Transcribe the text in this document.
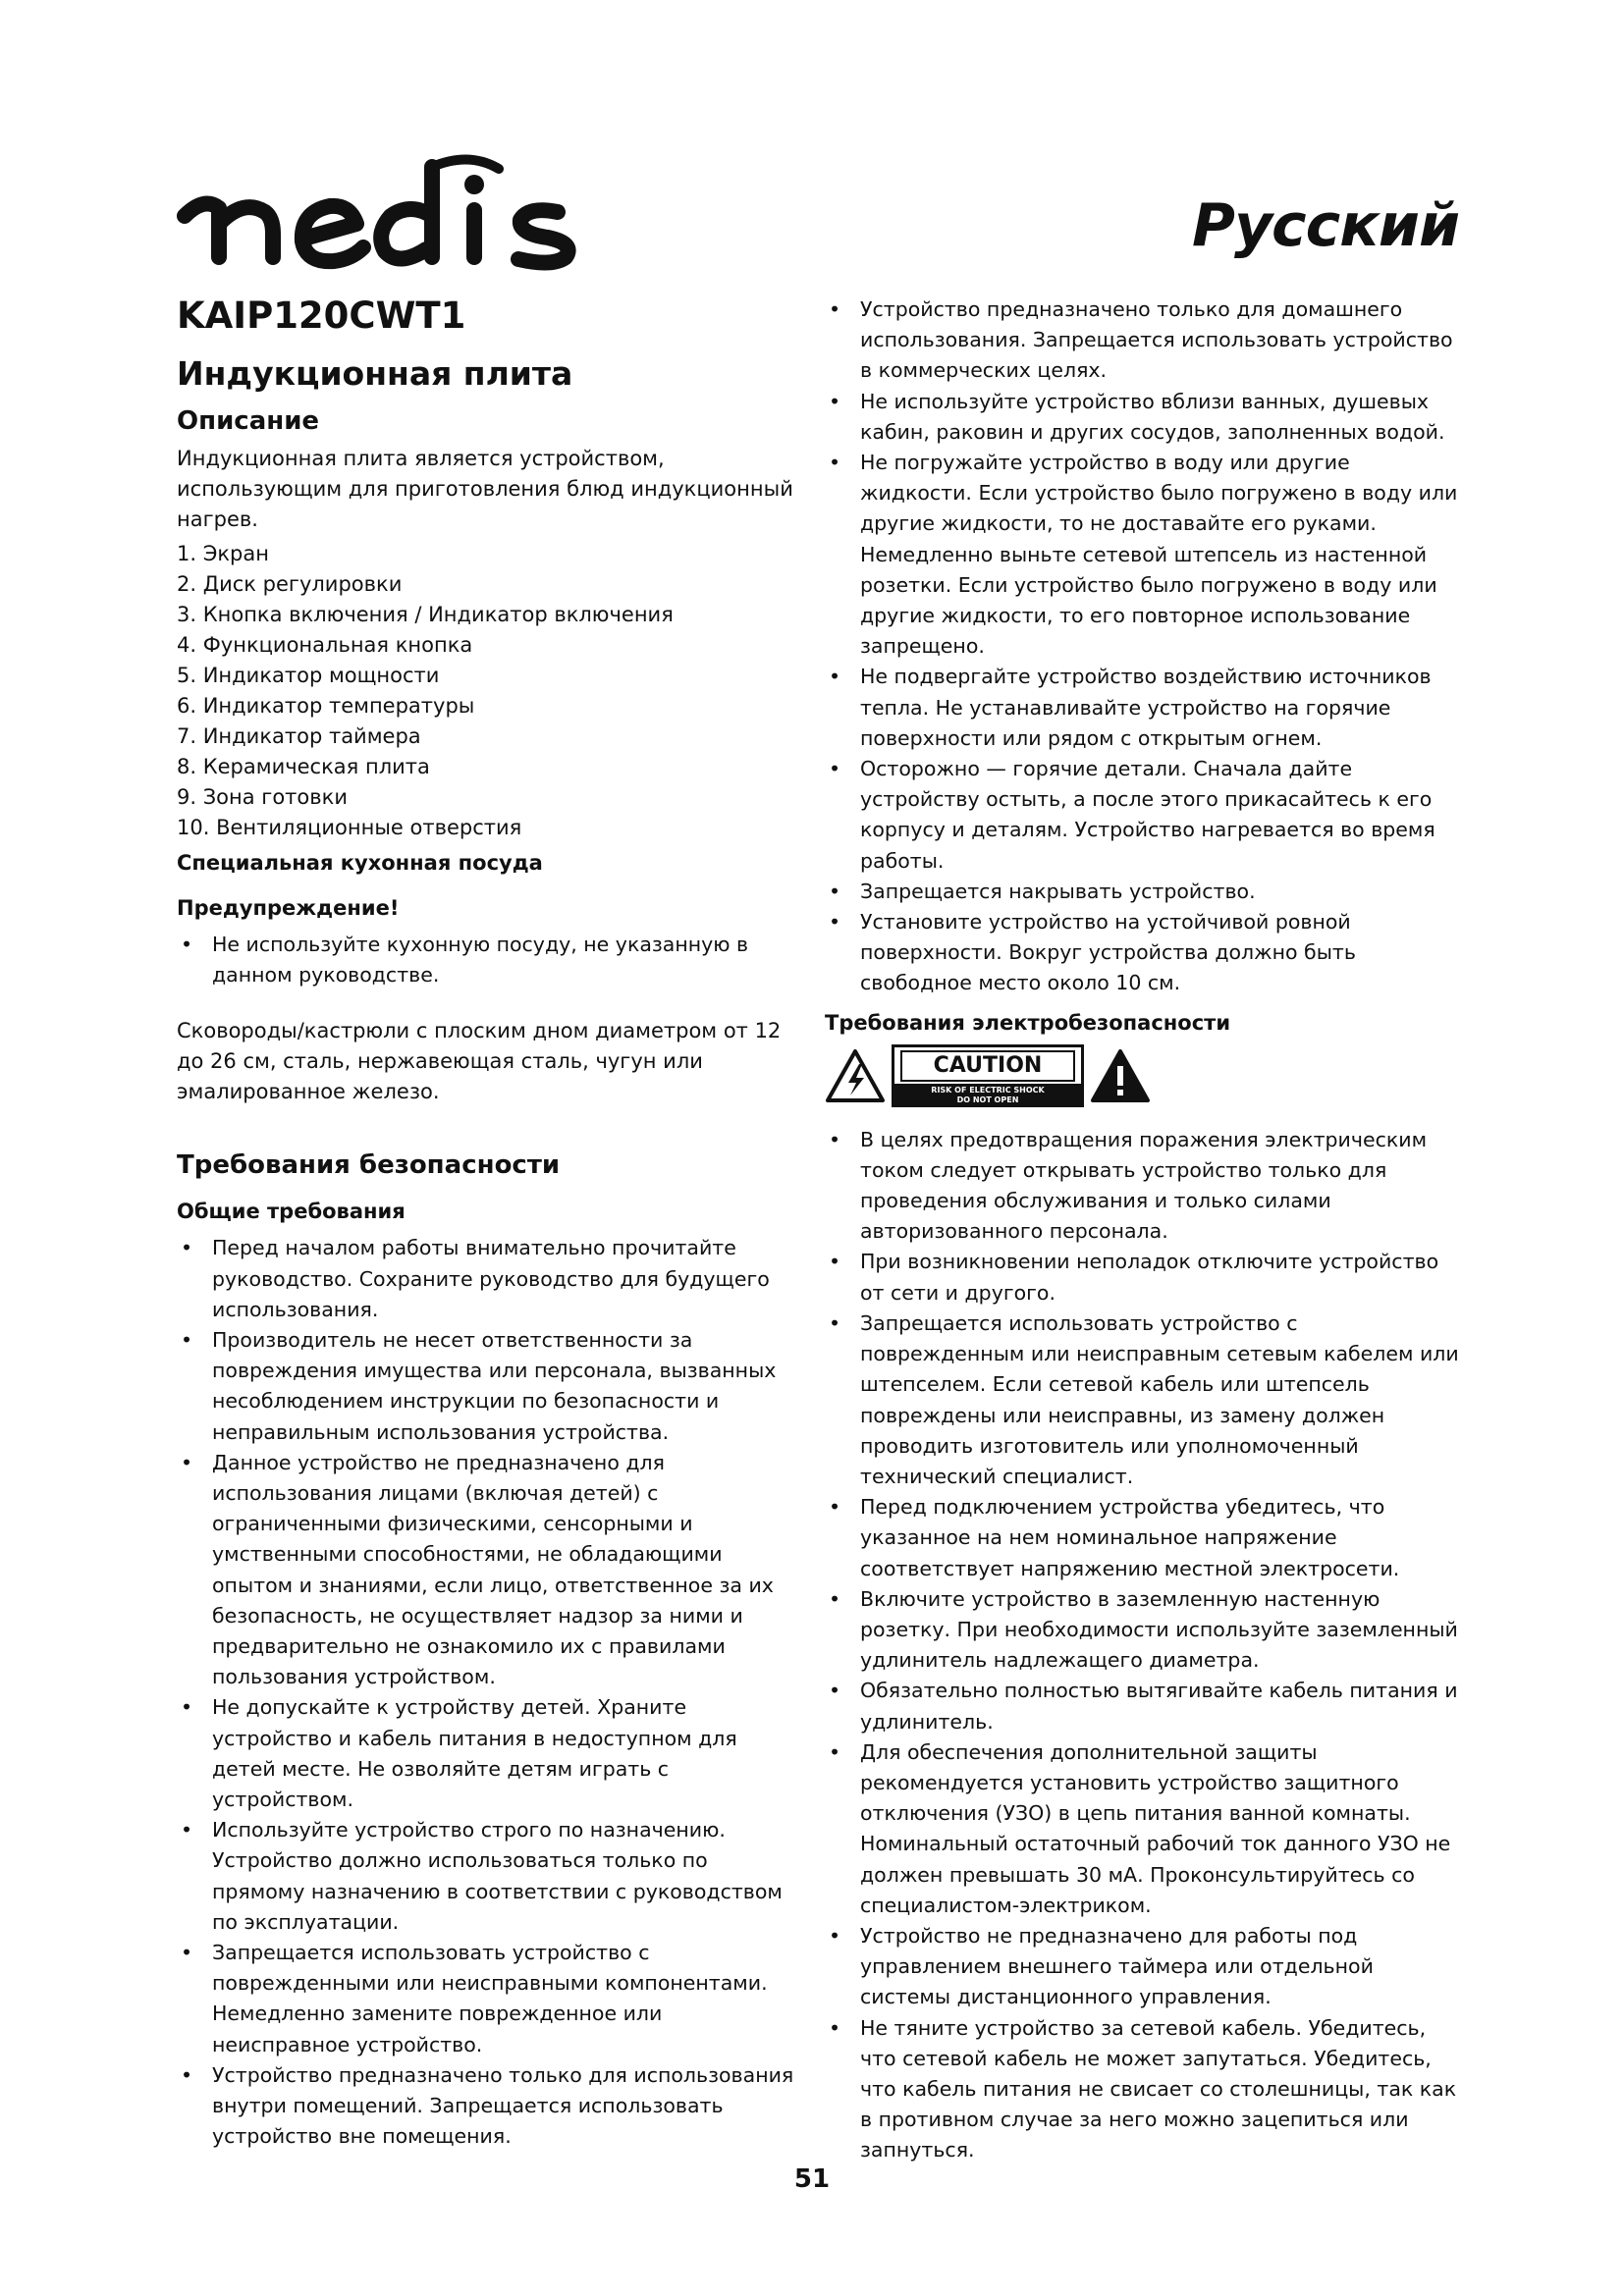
nedis
Русский
KAIP120CWT1
Индукционная плита
Описание

Индукционная плита является устройством, использующим для приготовления блюд индукционный нагрев.

1. Экран
2. Диск регулировки
3. Кнопка включения / Индикатор включения
4. Функциональная кнопка
5. Индикатор мощности
6. Индикатор температуры
7. Индикатор таймера
8. Керамическая плита
9. Зона готовки
10. Вентиляционные отверстия
Специальная кухонная посуда
Предупреждение!
• Не используйте кухонную посуду, не указанную в данном руководстве.

Сковороды/кастрюли с плоским дном диаметром от 12 до 26 см, сталь, нержавеющая сталь, чугун или эмалированное железо.

Требования безопасности
Общие требования
• Перед началом работы внимательно прочитайте руководство. Сохраните руководство для будущего использования.
• Производитель не несет ответственности за повреждения имущества или персонала, вызванных несоблюдением инструкции по безопасности и неправильным использования устройства.
• Данное устройство не предназначено для использования лицами (включая детей) с ограниченными физическими, сенсорными и умственными способностями, не обладающими опытом и знаниями, если лицо, ответственное за их безопасность, не осуществляет надзор за ними и предварительно не ознакомило их с правилами пользования устройством.
• Не допускайте к устройству детей. Храните устройство и кабель питания в недоступном для детей месте. Не озволяйте детям играть с устройством.
• Используйте устройство строго по назначению. Устройство должно использоваться только по прямому назначению в соответствии с руководством по эксплуатации.
• Запрещается использовать устройство с поврежденными или неисправными компонентами. Немедленно замените поврежденное или неисправное устройство.
• Устройство предназначено только для использования внутри помещений. Запрещается использовать устройство вне помещения.
• Устройство предназначено только для домашнего использования. Запрещается использовать устройство в коммерческих целях.
• Не используйте устройство вблизи ванных, душевых кабин, раковин и других сосудов, заполненных водой.
• Не погружайте устройство в воду или другие жидкости. Если устройство было погружено в воду или другие жидкости, то не доставайте его руками. Немедленно выньте сетевой штепсель из настенной розетки. Если устройство было погружено в воду или другие жидкости, то его повторное использование запрещено.
• Не подвергайте устройство воздействию источников тепла. Не устанавливайте устройство на горячие поверхности или рядом с открытым огнем.
• Осторожно — горячие детали. Сначала дайте устройству остыть, а после этого прикасайтесь к его корпусу и деталям. Устройство нагревается во время работы.
• Запрещается накрывать устройство.
• Установите устройство на устойчивой ровной поверхности. Вокруг устройства должно быть свободное место около 10 см.
Требования электробезопасности
CAUTION
RISK OF ELECTRIC SHOCK
DO NOT OPEN
• В целях предотвращения поражения электрическим током следует открывать устройство только для проведения обслуживания и только силами авторизованного персонала.
• При возникновении неполадок отключите устройство от сети и другого.
• Запрещается использовать устройство с поврежденным или неисправным сетевым кабелем или штепселем. Если сетевой кабель или штепсель повреждены или неисправны, из замену должен проводить изготовитель или уполномоченный технический специалист.
• Перед подключением устройства убедитесь, что указанное на нем номинальное напряжение соответствует напряжению местной электросети.
• Включите устройство в заземленную настенную розетку. При необходимости используйте заземленный удлинитель надлежащего диаметра.
• Обязательно полностью вытягивайте кабель питания и удлинитель.
• Для обеспечения дополнительной защиты рекомендуется установить устройство защитного отключения (УЗО) в цепь питания ванной комнаты. Номинальный остаточный рабочий ток данного УЗО не должен превышать 30 мА. Проконсультируйтесь со специалистом-электриком.
• Устройство не предназначено для работы под управлением внешнего таймера или отдельной системы дистанционного управления.
• Не тяните устройство за сетевой кабель. Убедитесь, что сетевой кабель не может запутаться. Убедитесь, что кабель питания не свисает со столешницы, так как в противном случае за него можно зацепиться или запнуться.
51
